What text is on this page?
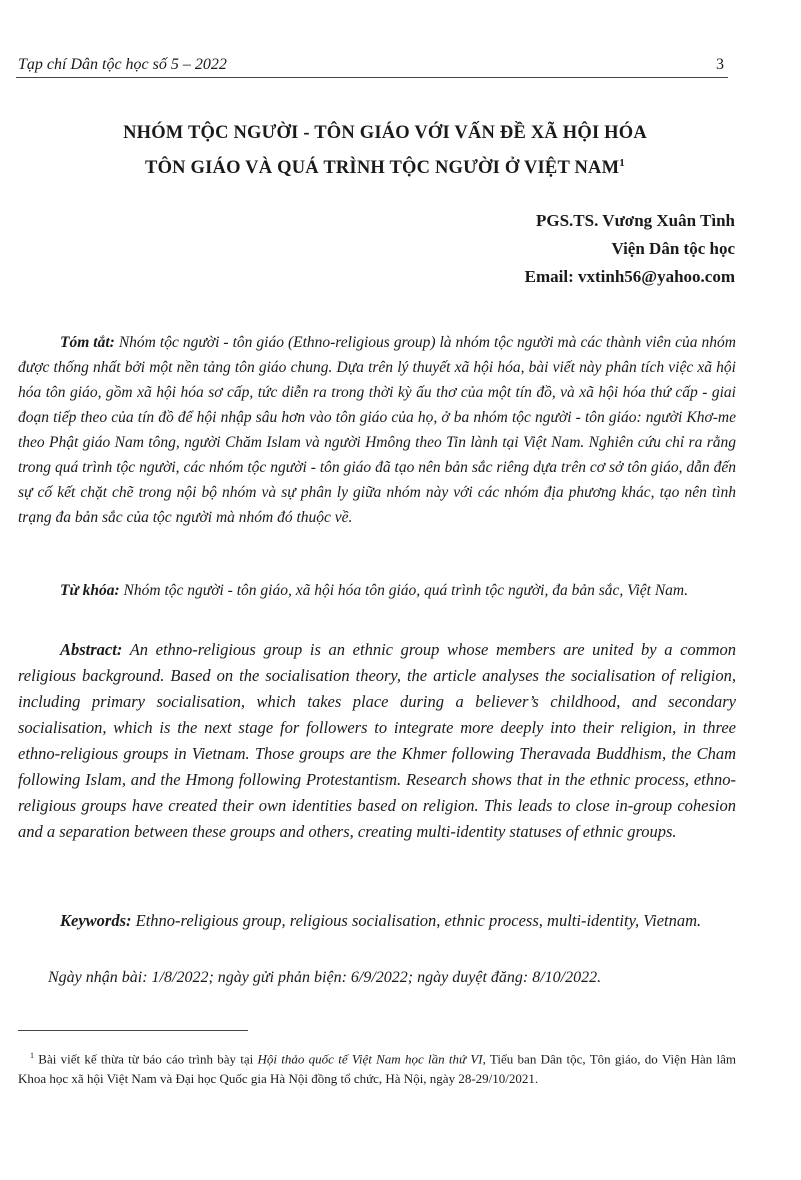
Tạp chí Dân tộc học số 5 – 2022	3
NHÓM TỘC NGƯỜI - TÔN GIÁO VỚI VẤN ĐỀ XÃ HỘI HÓA
TÔN GIÁO VÀ QUÁ TRÌNH TỘC NGƯỜI Ở VIỆT NAM$^1$
PGS.TS. Vương Xuân Tình
Viện Dân tộc học
Email: vxtinh56@yahoo.com
Tóm tắt: Nhóm tộc người - tôn giáo (Ethno-religious group) là nhóm tộc người mà các thành viên của nhóm được thống nhất bởi một nền tảng tôn giáo chung. Dựa trên lý thuyết xã hội hóa, bài viết này phân tích việc xã hội hóa tôn giáo, gồm xã hội hóa sơ cấp, tức diễn ra trong thời kỳ ấu thơ của một tín đồ, và xã hội hóa thứ cấp - giai đoạn tiếp theo của tín đồ để hội nhập sâu hơn vào tôn giáo của họ, ở ba nhóm tộc người - tôn giáo: người Khơ-me theo Phật giáo Nam tông, người Chăm Islam và người Hmông theo Tin lành tại Việt Nam. Nghiên cứu chỉ ra rằng trong quá trình tộc người, các nhóm tộc người - tôn giáo đã tạo nên bản sắc riêng dựa trên cơ sở tôn giáo, dẫn đến sự cố kết chặt chẽ trong nội bộ nhóm và sự phân ly giữa nhóm này với các nhóm địa phương khác, tạo nên tình trạng đa bản sắc của tộc người mà nhóm đó thuộc về.
Từ khóa: Nhóm tộc người - tôn giáo, xã hội hóa tôn giáo, quá trình tộc người, đa bản sắc, Việt Nam.
Abstract: An ethno-religious group is an ethnic group whose members are united by a common religious background. Based on the socialisation theory, the article analyses the socialisation of religion, including primary socialisation, which takes place during a believer’s childhood, and secondary socialisation, which is the next stage for followers to integrate more deeply into their religion, in three ethno-religious groups in Vietnam. Those groups are the Khmer following Theravada Buddhism, the Cham following Islam, and the Hmong following Protestantism. Research shows that in the ethnic process, ethno-religious groups have created their own identities based on religion. This leads to close in-group cohesion and a separation between these groups and others, creating multi-identity statuses of ethnic groups.
Keywords: Ethno-religious group, religious socialisation, ethnic process, multi-identity, Vietnam.
Ngày nhận bài: 1/8/2022; ngày gửi phản biện: 6/9/2022; ngày duyệt đăng: 8/10/2022.
$^1$ Bài viết kế thừa từ báo cáo trình bày tại Hội thảo quốc tế Việt Nam học lần thứ VI, Tiểu ban Dân tộc, Tôn giáo, do Viện Hàn lâm Khoa học xã hội Việt Nam và Đại học Quốc gia Hà Nội đồng tổ chức, Hà Nội, ngày 28-29/10/2021.
